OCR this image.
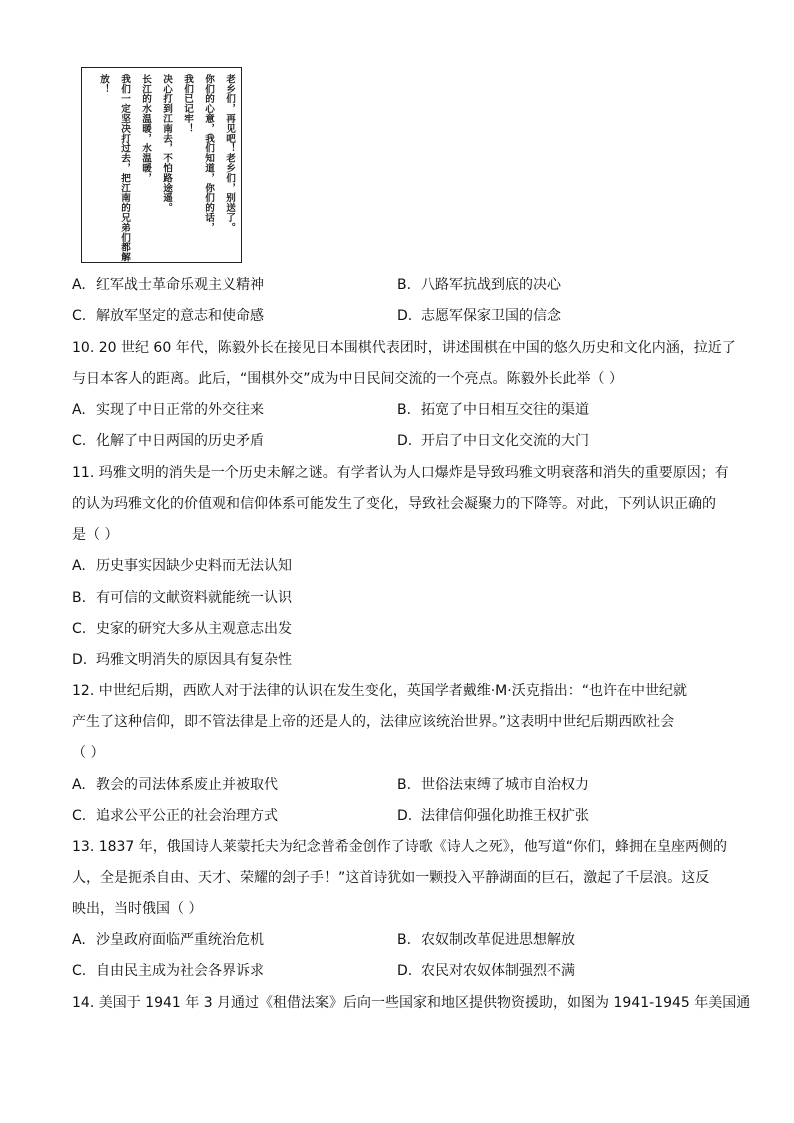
老乡们，再见吧！老乡们，别送了。
你们的心意，我们知道，你们的话，
我们已记牢！
决心打到江南去，不怕路途遥。
长江的水温暖，水温暖，
我们一定坚决打过去，把江南的兄弟们都解
放！
A. 红军战士革命乐观主义精神	B. 八路军抗战到底的决心
C. 解放军坚定的意志和使命感	D. 志愿军保家卫国的信念
10. 20 世纪 60 年代，陈毅外长在接见日本围棋代表团时，讲述围棋在中国的悠久历史和文化内涵，拉近了
与日本客人的距离。此后，“围棋外交”成为中日民间交流的一个亮点。陈毅外长此举（ ）
A. 实现了中日正常的外交往来	B. 拓宽了中日相互交往的渠道
C. 化解了中日两国的历史矛盾	D. 开启了中日文化交流的大门
11. 玛雅文明的消失是一个历史未解之谜。有学者认为人口爆炸是导致玛雅文明衰落和消失的重要原因；有
的认为玛雅文化的价值观和信仰体系可能发生了变化，导致社会凝聚力的下降等。对此，下列认识正确的
是（ ）
A. 历史事实因缺少史料而无法认知
B. 有可信的文献资料就能统一认识
C. 史家的研究大多从主观意志出发
D. 玛雅文明消失的原因具有复杂性
12. 中世纪后期，西欧人对于法律的认识在发生变化，英国学者戴维·M·沃克指出：“也许在中世纪就
产生了这种信仰，即不管法律是上帝的还是人的，法律应该统治世界。”这表明中世纪后期西欧社会
（ ）
A. 教会的司法体系废止并被取代	B. 世俗法束缚了城市自治权力
C. 追求公平公正的社会治理方式	D. 法律信仰强化助推王权扩张
13. 1837 年，俄国诗人莱蒙托夫为纪念普希金创作了诗歌《诗人之死》，他写道“你们，蜂拥在皇座两侧的
人，全是扼杀自由、天才、荣耀的刽子手！”这首诗犹如一颗投入平静湖面的巨石，激起了千层浪。这反
映出，当时俄国（ ）
A. 沙皇政府面临严重统治危机	B. 农奴制改革促进思想解放
C. 自由民主成为社会各界诉求	D. 农民对农奴体制强烈不满
14. 美国于 1941 年 3 月通过《租借法案》后向一些国家和地区提供物资援助，如图为 1941-1945 年美国通
